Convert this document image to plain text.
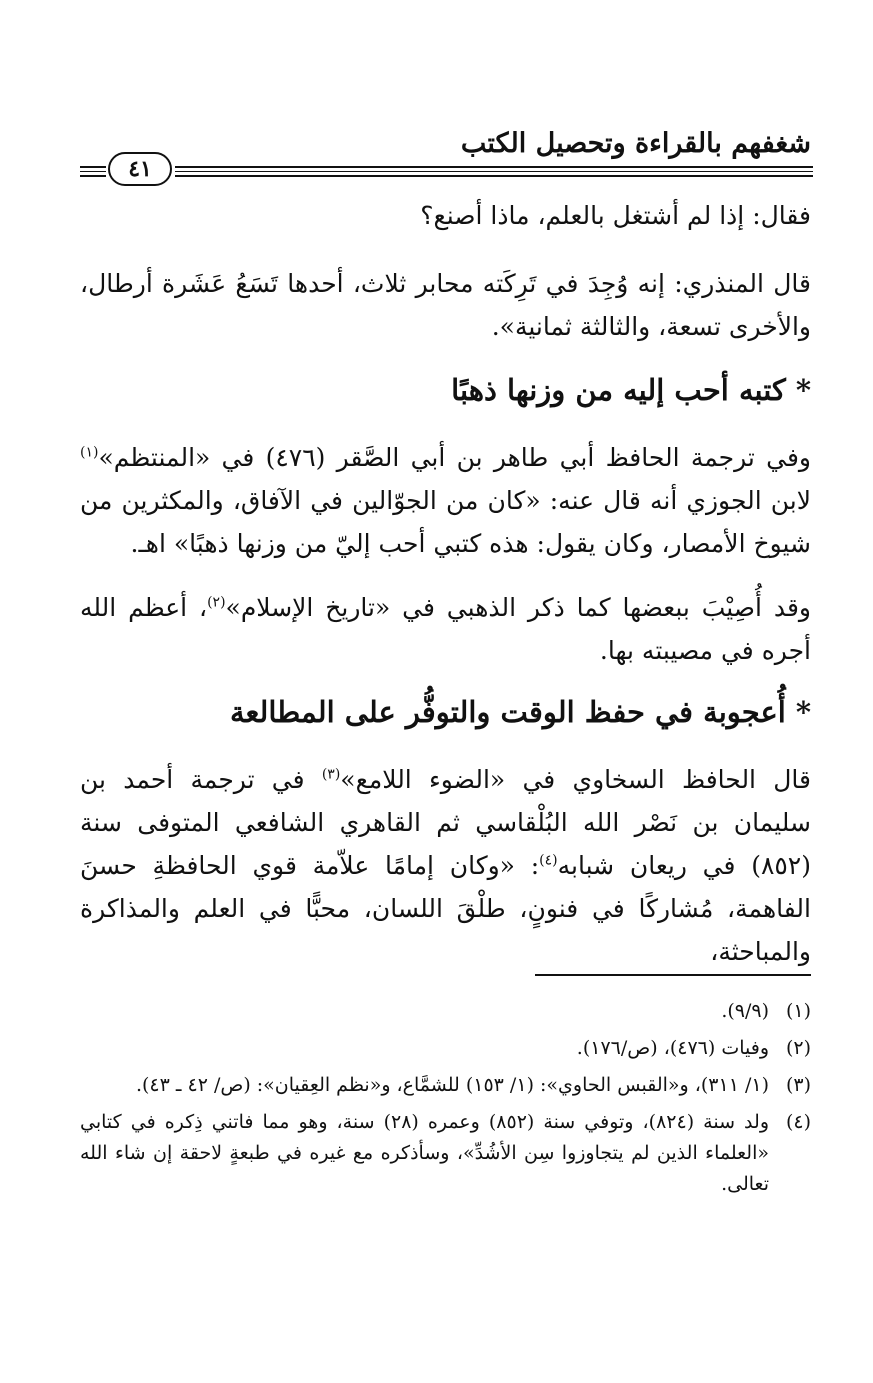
شغفهم بالقراءة وتحصيل الكتب
٤١

فقال: إذا لم أشتغل بالعلم، ماذا أصنع؟

قال المنذري: إنه وُجِدَ في تَرِكَته محابر ثلاث، أحدها تَسَعُ عَشَرة أرطال، والأخرى تسعة، والثالثة ثمانية».

*كتبه أحب إليه من وزنها ذهبًا

وفي ترجمة الحافظ أبي طاهر بن أبي الصَّقر (٤٧٦) في «المنتظم»$^{(١)}$ لابن الجوزي أنه قال عنه: «كان من الجوّالين في الآفاق، والمكثرين من شيوخ الأمصار، وكان يقول: هذه كتبي أحب إليّ من وزنها ذهبًا» اهـ.

وقد أُصِيْبَ ببعضها كما ذكر الذهبي في «تاريخ الإسلام»$^{(٢)}$، أعظم الله أجره في مصيبته بها.

*أُعجوبة في حفظ الوقت والتوفُّر على المطالعة

قال الحافظ السخاوي في «الضوء اللامع»$^{(٣)}$ في ترجمة أحمد بن سليمان بن نَصْر الله البُلْقاسي ثم القاهري الشافعي المتوفى سنة (٨٥٢) في ريعان شبابه$^{(٤)}$: «وكان إمامًا علاّمة قوي الحافظةِ حسنَ الفاهمة، مُشاركًا في فنونٍ، طلْقَ اللسان، محبًّا في العلم والمذاكرة والمباحثة،

(١)
(٩/٩).
(٢)
وفيات (٤٧٦)، (ص/١٧٦).
(٣)
(١/ ٣١١)، و«القبس الحاوي»: (١/ ١٥٣) للشمَّاع، و«نظم العِقيان»: (ص/ ٤٢ ـ ٤٣).
(٤)
ولد سنة (٨٢٤)، وتوفي سنة (٨٥٢) وعمره (٢٨) سنة، وهو مما فاتني ذِكره في كتابي «العلماء الذين لم يتجاوزوا سِن الأشُدِّ»، وسأذكره مع غيره في طبعةٍ لاحقة إن شاء الله تعالى.
